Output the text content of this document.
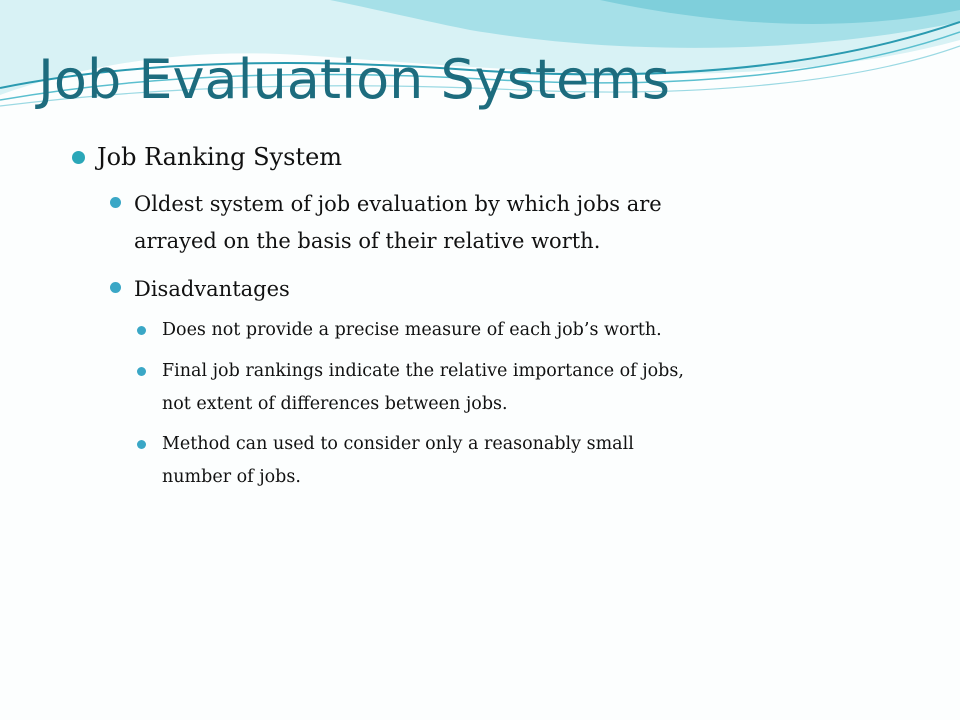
Job Evaluation Systems
Job Ranking System
Oldest system of job evaluation by which jobs are
arrayed on the basis of their relative worth.
Disadvantages
Does not provide a precise measure of each job’s worth.
Final job rankings indicate the relative importance of jobs,
not extent of differences between jobs.
Method can used to consider only a reasonably small
number of jobs.
